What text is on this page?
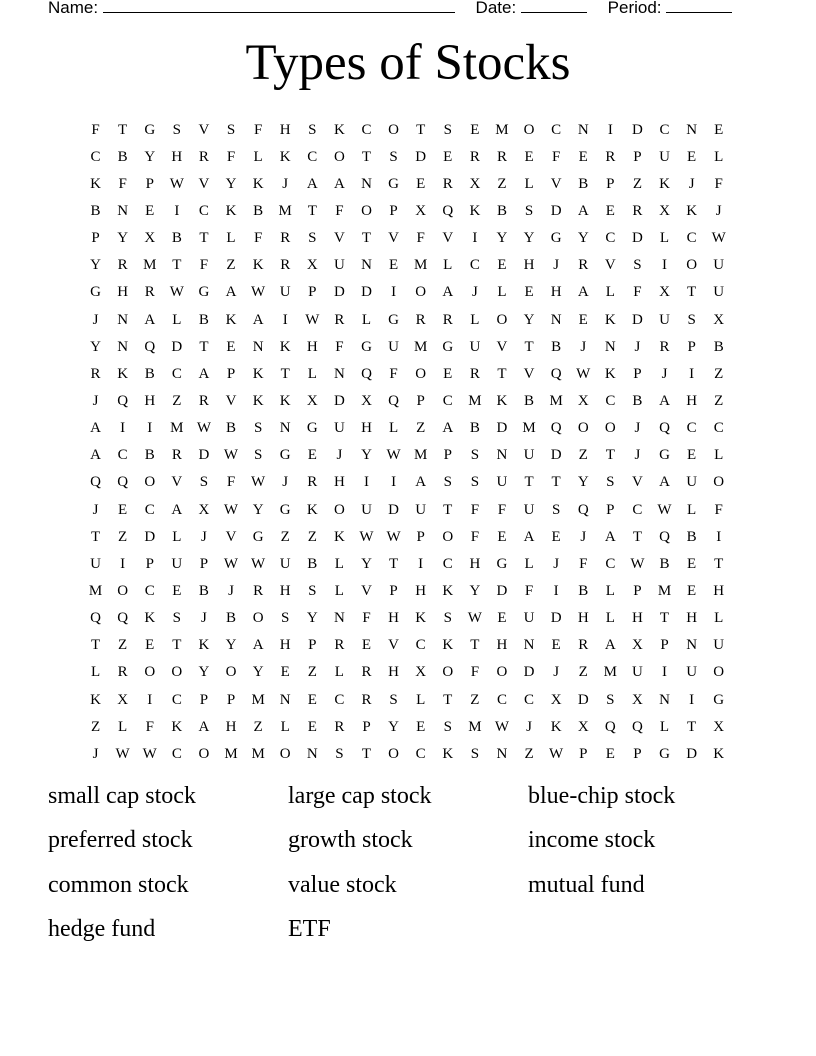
Name:	Date:	Period:
Types of Stocks
F	T	G	S	V	S	F	H	S	K	C	O	T	S	E	M	O	C	N	I	D	C	N	E
C	B	Y	H	R	F	L	K	C	O	T	S	D	E	R	R	E	F	E	R	P	U	E	L
K	F	P	W V	Y	K	J	A	A	N	G	E	R	X	Z	L	V	B	P	Z	K	J	F
B	N	E	I	C	K	B	M	T	F	O	P	X	Q	K	B	S	D	A	E	R	X	K	J
P	Y	X	B	T	L	F	R	S	V	T	V	F	V	I	Y	Y	G	Y	C	D	L	C	W
Y	R	M	T	F	Z	K	R	X	U	N	E	M	L	C	E	H	J	R	V	S	I	O	U
G	H	R	W G	A W U	P	D	D	I	O	A	J	L	E	H	A	L	F	X	T	U
J	N	A	L	B	K	A	I	W	R	L	G	R	R	L	O	Y	N	E	K	D	U	S	X
Y	N	Q	D	T	E	N	K	H	F	G	U	M	G	U	V	T	B	J	N	J	R	P	B
R	K	B	C	A	P	K	T	L	N	Q	F	O	E	R	T	V	Q W K	P	J	I	Z
J	Q	H	Z	R	V	K	K	X	D	X	Q	P	C	M	K	B	M	X	C	B	A	H	Z
A	I	I	M W	B	S	N	G	U	H	L	Z	A	B	D	M	Q	O	O	J	Q	C	C
A	C	B	R	D W	S	G	E	J	Y W M	P	S	N	U	D	Z	T	J	G	E	L
Q	Q	O	V	S	F	W	J	R	H	I	I	A	S	S	U	T	T	Y	S	V	A	U	O
J	E	C	A	X W Y	G	K	O	U	D	U	T	F	F	U	S	Q	P	C	W	L	F
T	Z	D	L	J	V	G	Z	Z	K W W	P	O	F	E	A	E	J	A	T	Q	B	I
U	I	P	U	P	W W U	B	L	Y	T	I	C	H	G	L	J	F	C	W	B	E	T
M	O	C	E	B	J	R	H	S	L	V	P	H	K	Y	D	F	I	B	L	P	M	E	H
Q	Q	K	S	J	B	O	S	Y	N	F	H	K	S	W	E	U	D	H	L	H	T	H	L
T	Z	E	T	K	Y	A	H	P	R	E	V	C	K	T	H	N	E	R	A	X	P	N	U
L	R	O	O	Y	O	Y	E	Z	L	R	H	X	O	F	O	D	J	Z	M	U	I	U	O
K	X	I	C	P	P	M	N	E	C	R	S	L	T	Z	C	C	X	D	S	X	N	I	G
Z	L	F	K	A	H	Z	L	E	R	P	Y	E	S	M W	J	K	X	Q	Q	L	T	X
J	W W	C	O	M M	O	N	S	T	O	C	K	S	N	Z	W	P	E	P	G	D	K
small cap stock	large cap stock	blue-chip stock
preferred stock	growth stock	income stock
common stock	value stock	mutual fund
hedge fund	ETF
